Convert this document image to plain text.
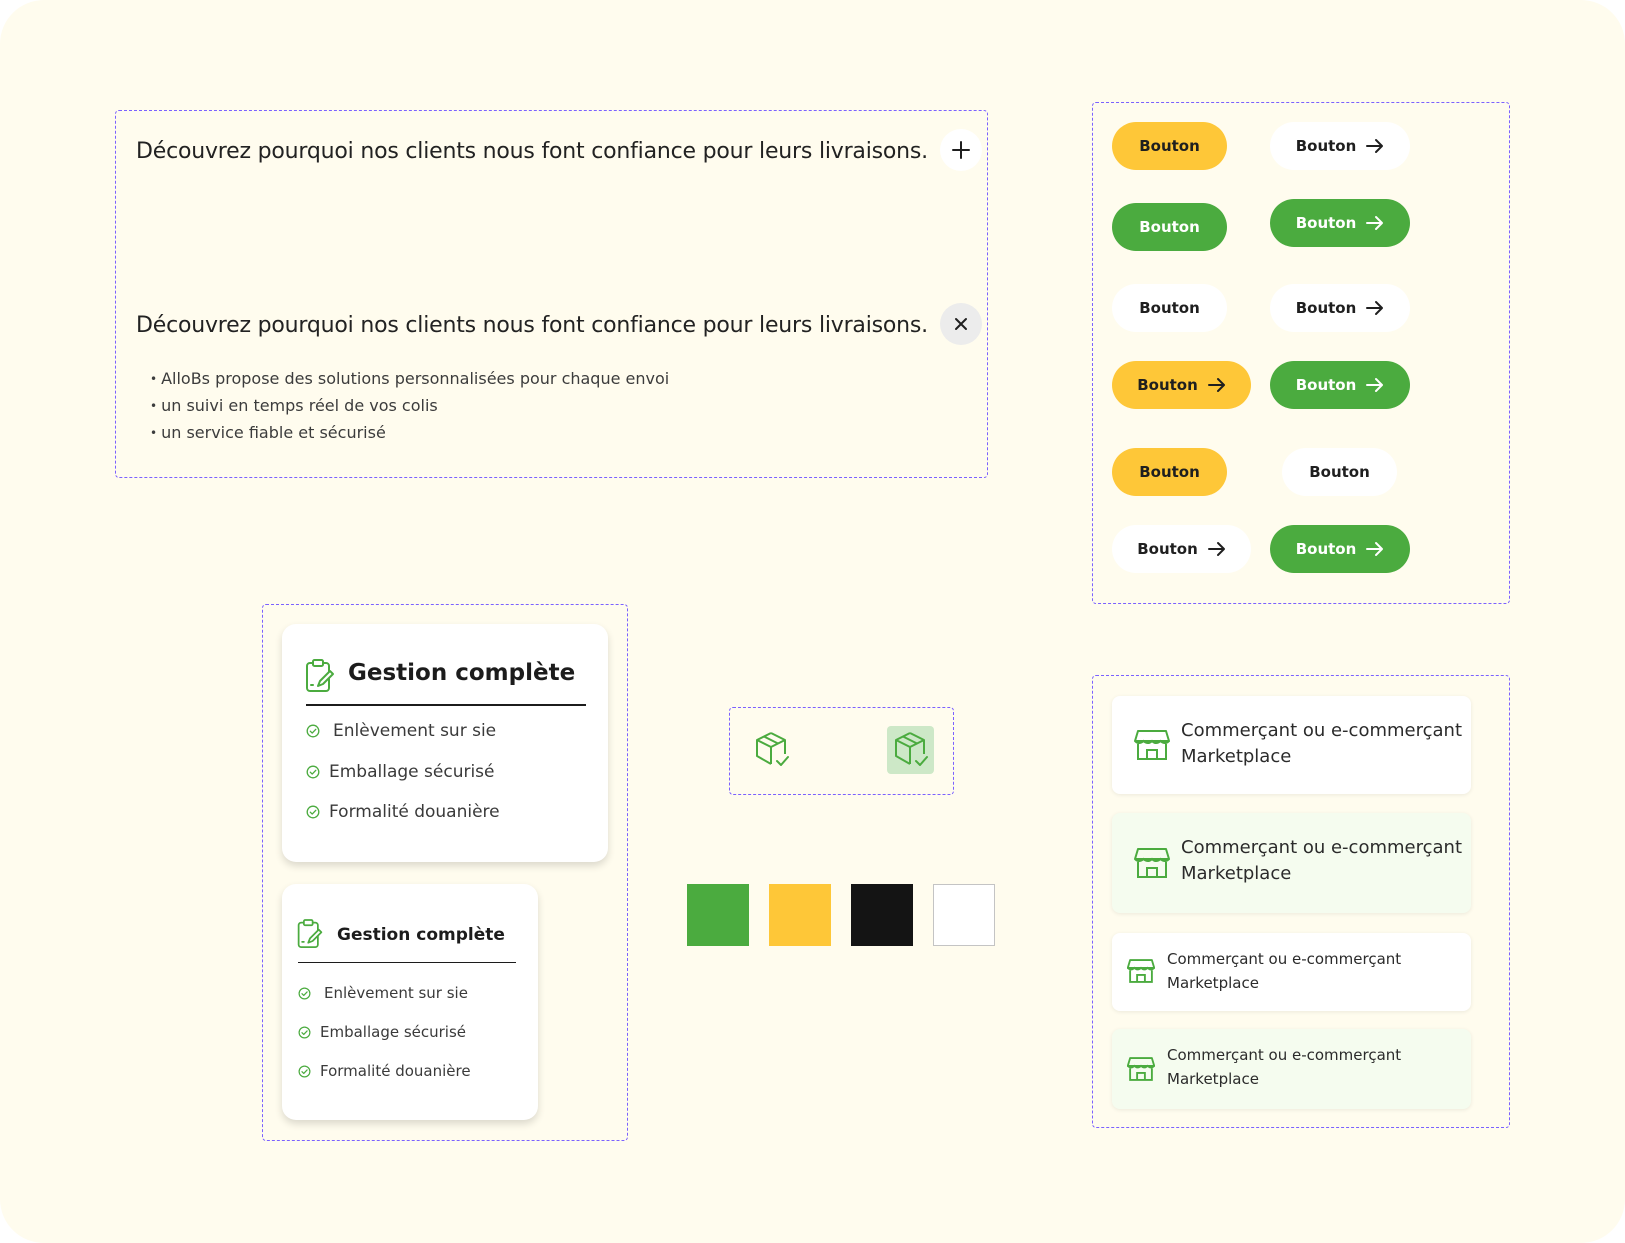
Découvrez pourquoi nos clients nous font confiance pour leurs livraisons.
Découvrez pourquoi nos clients nous font confiance pour leurs livraisons.
• AlloBs propose des solutions personnalisées pour chaque envoi
• un suivi en temps réel de vos colis
• un service fiable et sécurisé
Gestion complète
Enlèvement sur sie
Emballage sécurisé
Formalité douanière
Gestion complète
Enlèvement sur sie
Emballage sécurisé
Formalité douanière
Commerçant ou e-commerçant
Marketplace
Commerçant ou e-commerçant
Marketplace
Commerçant ou e-commerçant
Marketplace
Commerçant ou e-commerçant
Marketplace
Bouton	Bouton
Bouton	Bouton
Bouton	Bouton
Bouton	Bouton
Bouton	Bouton
Bouton	Bouton
